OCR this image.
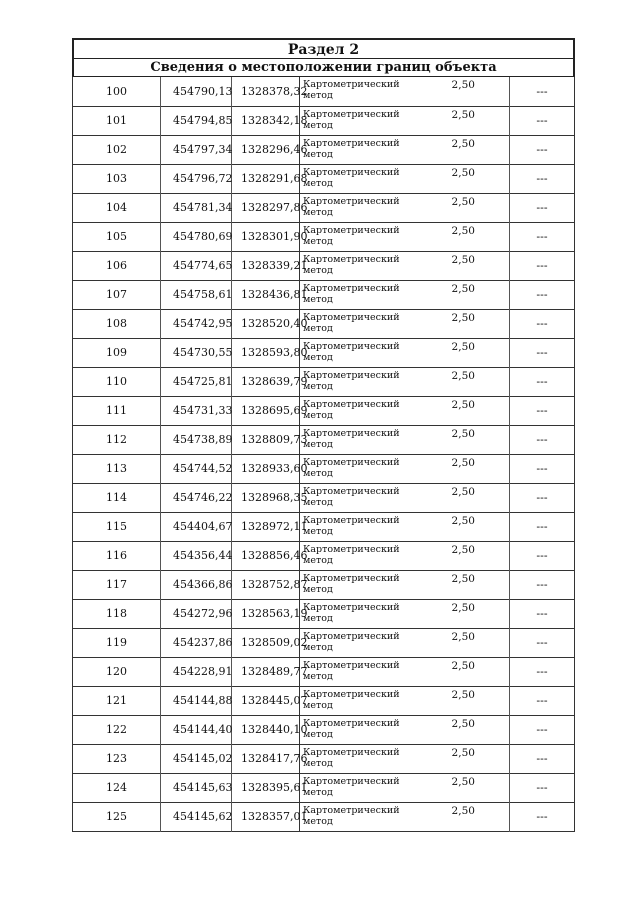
Раздел 2
Сведения о местоположении границ объекта
100	454790,13	1328378,32	Картометрический метод	2,50	---
101	454794,85	1328342,18	Картометрический метод	2,50	---
102	454797,34	1328296,46	Картометрический метод	2,50	---
103	454796,72	1328291,68	Картометрический метод	2,50	---
104	454781,34	1328297,86	Картометрический метод	2,50	---
105	454780,69	1328301,90	Картометрический метод	2,50	---
106	454774,65	1328339,21	Картометрический метод	2,50	---
107	454758,61	1328436,81	Картометрический метод	2,50	---
108	454742,95	1328520,40	Картометрический метод	2,50	---
109	454730,55	1328593,80	Картометрический метод	2,50	---
110	454725,81	1328639,79	Картометрический метод	2,50	---
111	454731,33	1328695,69	Картометрический метод	2,50	---
112	454738,89	1328809,73	Картометрический метод	2,50	---
113	454744,52	1328933,60	Картометрический метод	2,50	---
114	454746,22	1328968,35	Картометрический метод	2,50	---
115	454404,67	1328972,11	Картометрический метод	2,50	---
116	454356,44	1328856,46	Картометрический метод	2,50	---
117	454366,86	1328752,87	Картометрический метод	2,50	---
118	454272,96	1328563,19	Картометрический метод	2,50	---
119	454237,86	1328509,02	Картометрический метод	2,50	---
120	454228,91	1328489,77	Картометрический метод	2,50	---
121	454144,88	1328445,07	Картометрический метод	2,50	---
122	454144,40	1328440,10	Картометрический метод	2,50	---
123	454145,02	1328417,76	Картометрический метод	2,50	---
124	454145,63	1328395,61	Картометрический метод	2,50	---
125	454145,62	1328357,01	Картометрический метод	2,50	---
